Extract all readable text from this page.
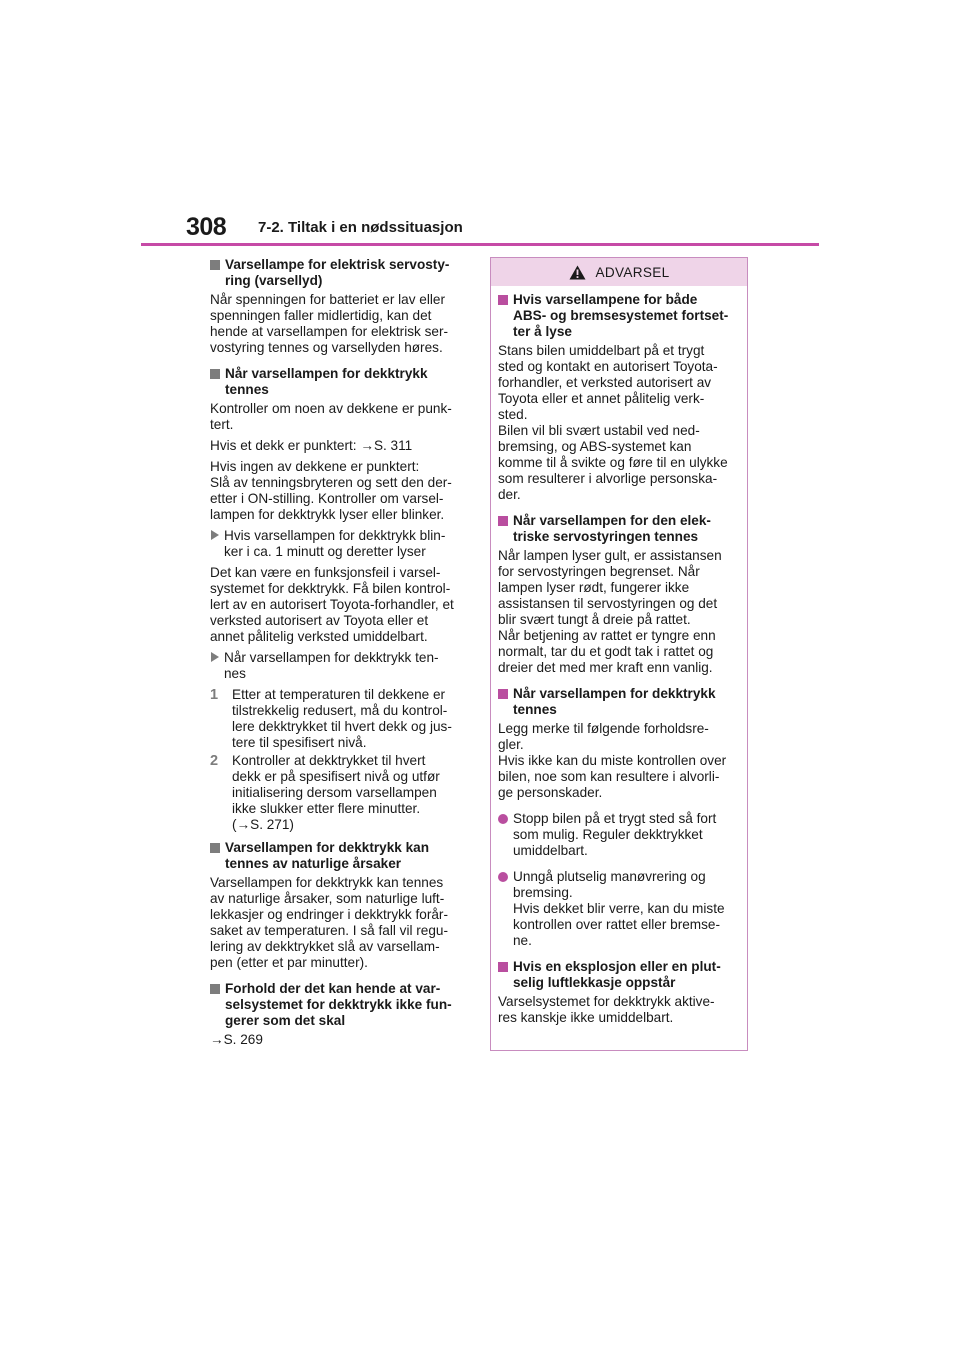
308 7-2. Tiltak i en nødssituasjon
Varsellampe for elektrisk servosty-
ring (varsellyd)
Når spenningen for batteriet er lav eller
spenningen faller midlertidig, kan det
hende at varsellampen for elektrisk ser-
vostyring tennes og varsellyden høres.
Når varsellampen for dekktrykk
tennes
Kontroller om noen av dekkene er punk-
tert.
Hvis et dekk er punktert: →S. 311
Hvis ingen av dekkene er punktert:
Slå av tenningsbryteren og sett den der-
etter i ON-stilling. Kontroller om varsel-
lampen for dekktrykk lyser eller blinker.
Hvis varsellampen for dekktrykk blin-
ker i ca. 1 minutt og deretter lyser
Det kan være en funksjonsfeil i varsel-
systemet for dekktrykk. Få bilen kontrol-
lert av en autorisert Toyota-forhandler, et
verksted autorisert av Toyota eller et
annet pålitelig verksted umiddelbart.
Når varsellampen for dekktrykk ten-
nes
1 Etter at temperaturen til dekkene er
tilstrekkelig redusert, må du kontrol-
lere dekktrykket til hvert dekk og jus-
tere til spesifisert nivå.
2 Kontroller at dekktrykket til hvert
dekk er på spesifisert nivå og utfør
initialisering dersom varsellampen
ikke slukker etter flere minutter.
(→S. 271)
Varsellampen for dekktrykk kan
tennes av naturlige årsaker
Varsellampen for dekktrykk kan tennes
av naturlige årsaker, som naturlige luft-
lekkasjer og endringer i dekktrykk forår-
saket av temperaturen. I så fall vil regu-
lering av dekktrykket slå av varsellam-
pen (etter et par minutter).
Forhold der det kan hende at var-
selsystemet for dekktrykk ikke fun-
gerer som det skal
→S. 269
ADVARSEL
Hvis varsellampene for både
ABS- og bremsesystemet fortset-
ter å lyse
Stans bilen umiddelbart på et trygt
sted og kontakt en autorisert Toyota-
forhandler, et verksted autorisert av
Toyota eller et annet pålitelig verk-
sted.
Bilen vil bli svært ustabil ved ned-
bremsing, og ABS-systemet kan
komme til å svikte og føre til en ulykke
som resulterer i alvorlige personska-
der.
Når varsellampen for den elek-
triske servostyringen tennes
Når lampen lyser gult, er assistansen
for servostyringen begrenset. Når
lampen lyser rødt, fungerer ikke
assistansen til servostyringen og det
blir svært tungt å dreie på rattet.
Når betjening av rattet er tyngre enn
normalt, tar du et godt tak i rattet og
dreier det med mer kraft enn vanlig.
Når varsellampen for dekktrykk
tennes
Legg merke til følgende forholdsre-
gler.
Hvis ikke kan du miste kontrollen over
bilen, noe som kan resultere i alvorli-
ge personskader.
Stopp bilen på et trygt sted så fort
som mulig. Reguler dekktrykket
umiddelbart.
Unngå plutselig manøvrering og
bremsing.
Hvis dekket blir verre, kan du miste
kontrollen over rattet eller bremse-
ne.
Hvis en eksplosjon eller en plut-
selig luftlekkasje oppstår
Varselsystemet for dekktrykk aktive-
res kanskje ikke umiddelbart.
